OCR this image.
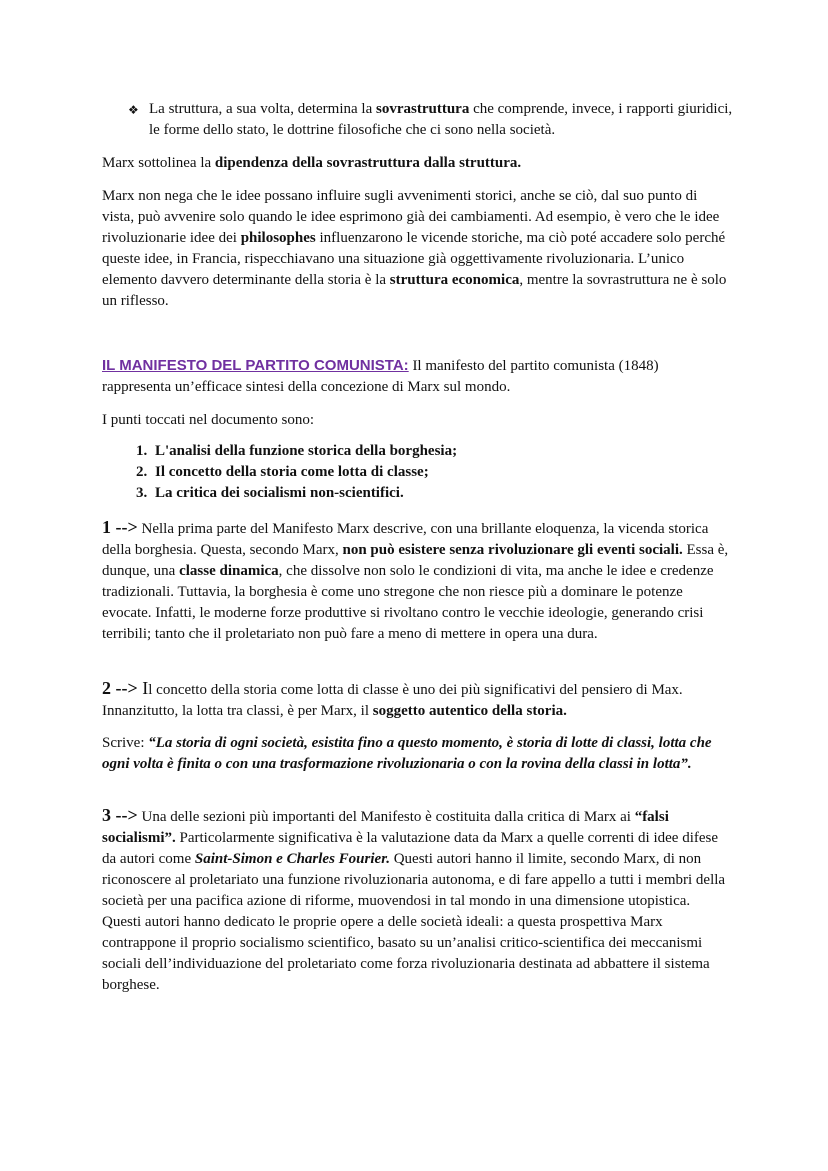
❖ La struttura, a sua volta, determina la sovrastruttura che comprende, invece, i rapporti giuridici, le forme dello stato, le dottrine filosofiche che ci sono nella società.

Marx sottolinea la dipendenza della sovrastruttura dalla struttura.

Marx non nega che le idee possano influire sugli avvenimenti storici, anche se ciò, dal suo punto di vista, può avvenire solo quando le idee esprimono già dei cambiamenti. Ad esempio, è vero che le idee rivoluzionarie idee dei philosophes influenzarono le vicende storiche, ma ciò poté accadere solo perché queste idee, in Francia, rispecchiavano una situazione già oggettivamente rivoluzionaria. L’unico elemento davvero determinante della storia è la struttura economica, mentre la sovrastruttura ne è solo un riflesso.

IL MANIFESTO DEL PARTITO COMUNISTA: Il manifesto del partito comunista (1848) rappresenta un’efficace sintesi della concezione di Marx sul mondo.

I punti toccati nel documento sono:

1. L'analisi della funzione storica della borghesia;
2. Il concetto della storia come lotta di classe;
3. La critica dei socialismi non-scientifici.

1 --> Nella prima parte del Manifesto Marx descrive, con una brillante eloquenza, la vicenda storica della borghesia. Questa, secondo Marx, non può esistere senza rivoluzionare gli eventi sociali. Essa è, dunque, una classe dinamica, che dissolve non solo le condizioni di vita, ma anche le idee e credenze tradizionali. Tuttavia, la borghesia è come uno stregone che non riesce più a dominare le potenze evocate. Infatti, le moderne forze produttive si rivoltano contro le vecchie ideologie, generando crisi terribili; tanto che il proletariato non può fare a meno di mettere in opera una dura.

2 --> Il concetto della storia come lotta di classe è uno dei più significativi del pensiero di Max. Innanzitutto, la lotta tra classi, è per Marx, il soggetto autentico della storia.

Scrive: “La storia di ogni società, esistita fino a questo momento, è storia di lotte di classi, lotta che ogni volta è finita o con una trasformazione rivoluzionaria o con la rovina della classi in lotta”.

3 --> Una delle sezioni più importanti del Manifesto è costituita dalla critica di Marx ai “falsi socialismi”. Particolarmente significativa è la valutazione data da Marx a quelle correnti di idee difese da autori come Saint-Simon e Charles Fourier. Questi autori hanno il limite, secondo Marx, di non riconoscere al proletariato una funzione rivoluzionaria autonoma, e di fare appello a tutti i membri della società per una pacifica azione di riforme, muovendosi in tal mondo in una dimensione utopistica. Questi autori hanno dedicato le proprie opere a delle società ideali: a questa prospettiva Marx contrappone il proprio socialismo scientifico, basato su un’analisi critico-scientifica dei meccanismi sociali dell’individuazione del proletariato come forza rivoluzionaria destinata ad abbattere il sistema borghese.
